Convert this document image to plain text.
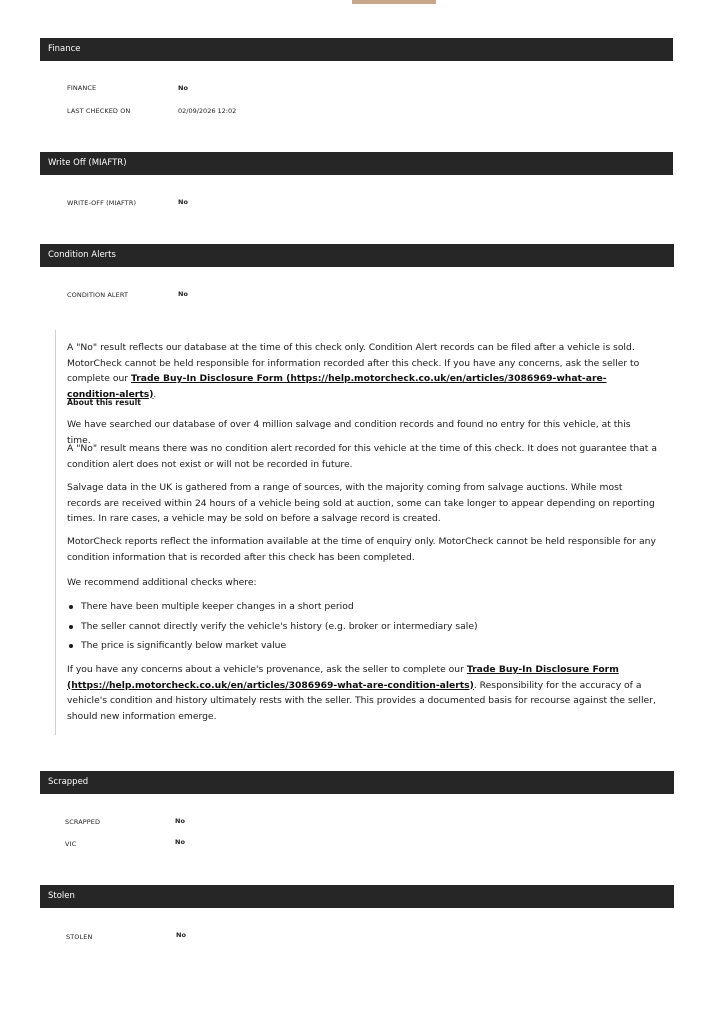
Finance
FINANCE	No
LAST CHECKED ON	02/09/2026 12:02
Write Off (MIAFTR)
WRITE-OFF (MIAFTR)	No
Condition Alerts
CONDITION ALERT	No

A "No" result reflects our database at the time of this check only. Condition Alert records can be filed after a vehicle is sold. MotorCheck cannot be held responsible for information recorded after this check. If you have any concerns, ask the seller to complete our Trade Buy-In Disclosure Form (https://help.motorcheck.co.uk/en/articles/3086969-what-are-condition-alerts).

About this result
We have searched our database of over 4 million salvage and condition records and found no entry for this vehicle, at this time.
A "No" result means there was no condition alert recorded for this vehicle at the time of this check. It does not guarantee that a condition alert does not exist or will not be recorded in future.
Salvage data in the UK is gathered from a range of sources, with the majority coming from salvage auctions. While most records are received within 24 hours of a vehicle being sold at auction, some can take longer to appear depending on reporting times. In rare cases, a vehicle may be sold on before a salvage record is created.
MotorCheck reports reflect the information available at the time of enquiry only. MotorCheck cannot be held responsible for any condition information that is recorded after this check has been completed.
We recommend additional checks where:
There have been multiple keeper changes in a short period
The seller cannot directly verify the vehicle's history (e.g. broker or intermediary sale)
The price is significantly below market value

If you have any concerns about a vehicle's provenance, ask the seller to complete our Trade Buy-In Disclosure Form
(https://help.motorcheck.co.uk/en/articles/3086969-what-are-condition-alerts). Responsibility for the accuracy of a vehicle's condition and history ultimately rests with the seller. This provides a documented basis for recourse against the seller, should new information emerge.

Scrapped
SCRAPPED	No
VIC	No
Stolen
STOLEN	No
